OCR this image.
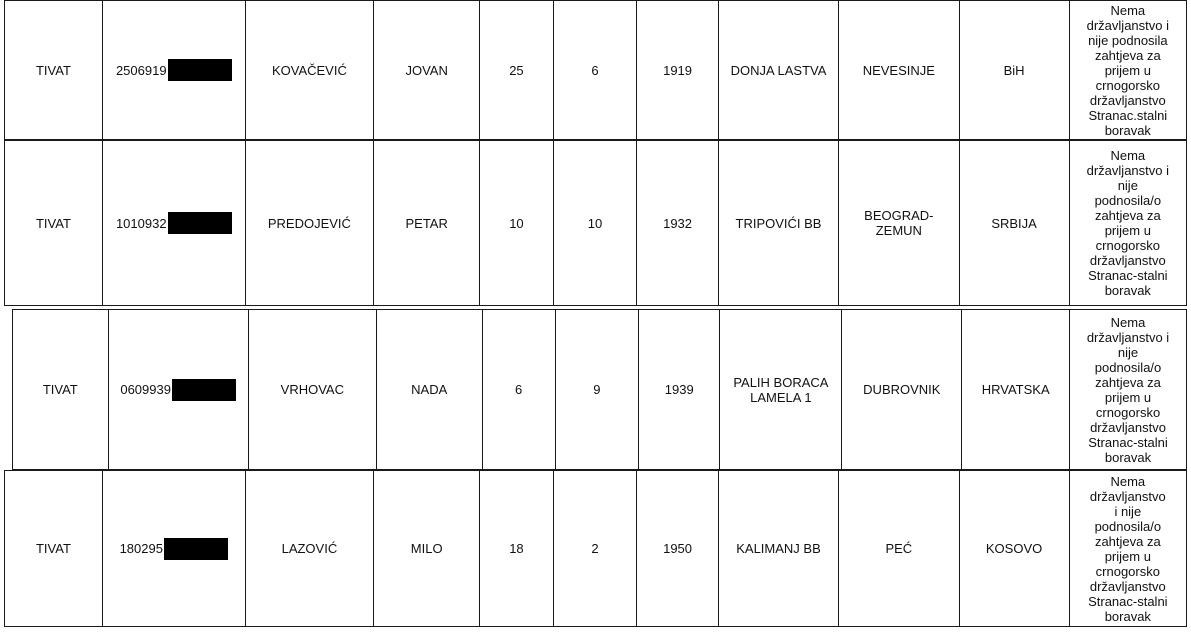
TIVAT	2506919	KOVAČEVIĆ	JOVAN	25	6	1919	DONJA LASTVA	NEVESINJE	BiH	Nema
državljanstvo i
nije podnosila
zahtjeva za
prijem u
crnogorsko
državljanstvo
Stranac.stalni
boravak
TIVAT	1010932	PREDOJEVIĆ	PETAR	10	10	1932	TRIPOVIĆI BB	BEOGRAD-
ZEMUN	SRBIJA	Nema
državljanstvo i
nije
podnosila/o
zahtjeva za
prijem u
crnogorsko
državljanstvo
Stranac-stalni
boravak
TIVAT	0609939	VRHOVAC	NADA	6	9	1939	PALIH BORACA
LAMELA 1	DUBROVNIK	HRVATSKA	Nema
državljanstvo i
nije
podnosila/o
zahtjeva za
prijem u
crnogorsko
državljanstvo
Stranac-stalni
boravak
TIVAT	180295	LAZOVIĆ	MILO	18	2	1950	KALIMANJ BB	PEĆ	KOSOVO	Nema
državljanstvo
i nije
podnosila/o
zahtjeva za
prijem u
crnogorsko
državljanstvo
Stranac-stalni
boravak
